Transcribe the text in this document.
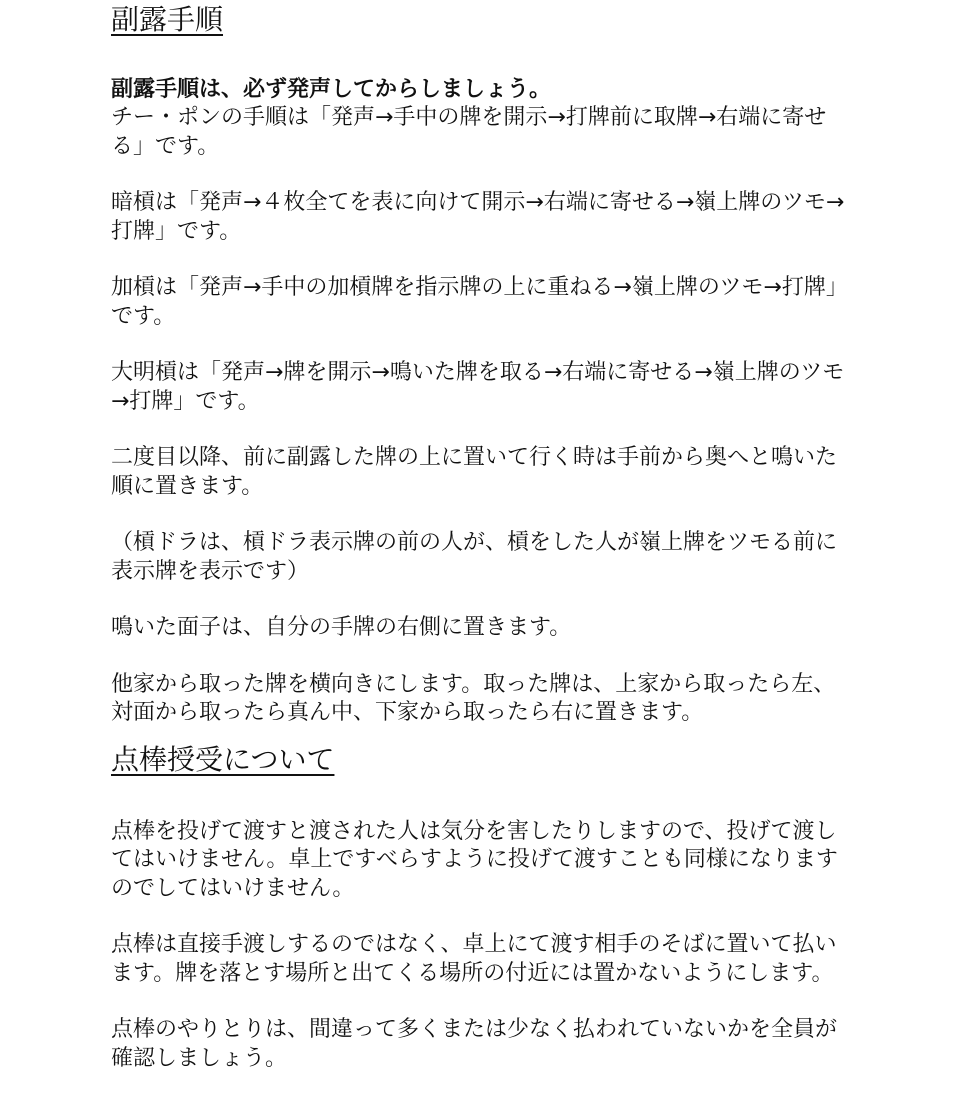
副露手順
副露手順は、必ず発声してからしましょう。

チー・ポンの手順は「発声→手中の牌を開示→打牌前に取牌→右端に寄せる」です。

暗槓は「発声→４枚全てを表に向けて開示→右端に寄せる→嶺上牌のツモ→打牌」です。

加槓は「発声→手中の加槓牌を指示牌の上に重ねる→嶺上牌のツモ→打牌」です。

大明槓は「発声→牌を開示→鳴いた牌を取る→右端に寄せる→嶺上牌のツモ→打牌」です。

二度目以降、前に副露した牌の上に置いて行く時は手前から奥へと鳴いた順に置きます。

（槓ドラは、槓ドラ表示牌の前の人が、槓をした人が嶺上牌をツモる前に表示牌を表示です）

鳴いた面子は、自分の手牌の右側に置きます。

他家から取った牌を横向きにします。取った牌は、上家から取ったら左、対面から取ったら真ん中、下家から取ったら右に置きます。

点棒授受について

点棒を投げて渡すと渡された人は気分を害したりしますので、投げて渡してはいけません。卓上ですべらすように投げて渡すことも同様になりますのでしてはいけません。

点棒は直接手渡しするのではなく、卓上にて渡す相手のそばに置いて払います。牌を落とす場所と出てくる場所の付近には置かないようにします。

点棒のやりとりは、間違って多くまたは少なく払われていないかを全員が確認しましょう。
